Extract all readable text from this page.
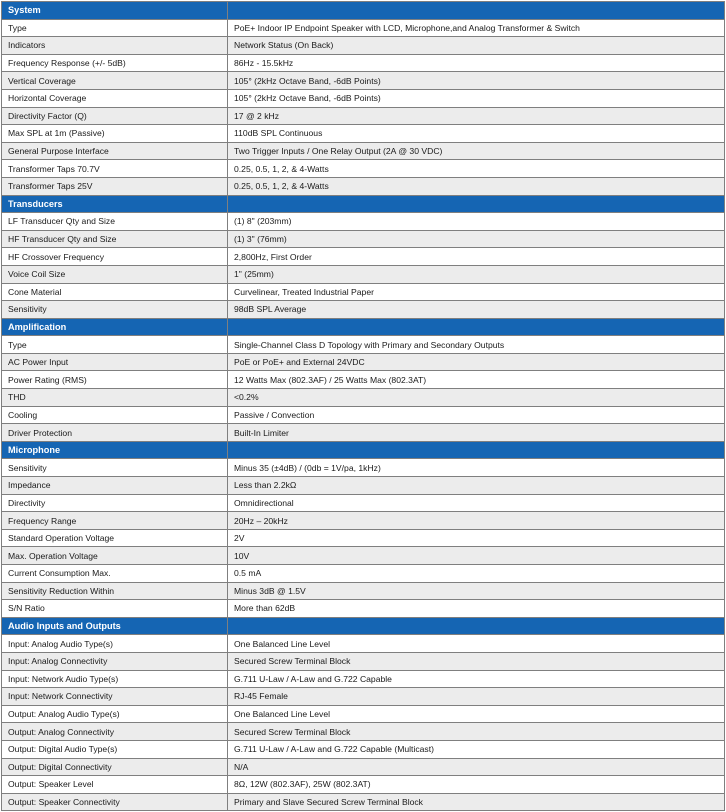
System	
Type	PoE+ Indoor IP Endpoint Speaker with LCD, Microphone,and Analog Transformer & Switch
Indicators	Network Status (On Back)
Frequency Response (+/- 5dB)	86Hz - 15.5kHz
Vertical Coverage	105° (2kHz Octave Band, -6dB Points)
Horizontal Coverage	105° (2kHz Octave Band, -6dB Points)
Directivity Factor (Q)	17 @ 2 kHz
Max SPL at 1m (Passive)	110dB SPL Continuous
General Purpose Interface	Two Trigger Inputs / One Relay Output (2A @ 30 VDC)
Transformer Taps 70.7V	0.25, 0.5, 1, 2, & 4-Watts
Transformer Taps 25V	0.25, 0.5, 1, 2, & 4-Watts
Transducers	
LF Transducer Qty and Size	(1) 8" (203mm)
HF Transducer Qty and Size	(1) 3" (76mm)
HF Crossover Frequency	2,800Hz, First Order
Voice Coil Size	1" (25mm)
Cone Material	Curvelinear, Treated Industrial Paper
Sensitivity	98dB SPL Average
Amplification	
Type	Single-Channel Class D Topology with Primary and Secondary Outputs
AC Power Input	PoE or PoE+ and External 24VDC
Power Rating (RMS)	12 Watts Max (802.3AF) / 25 Watts Max (802.3AT)
THD	<0.2%
Cooling	Passive / Convection
Driver Protection	Built-In Limiter
Microphone	
Sensitivity	Minus 35 (±4dB) / (0db = 1V/pa, 1kHz)
Impedance	Less than 2.2kΩ
Directivity	Omnidirectional
Frequency Range	20Hz – 20kHz
Standard Operation Voltage	2V
Max. Operation Voltage	10V
Current Consumption Max.	0.5 mA
Sensitivity Reduction Within	Minus 3dB @ 1.5V
S/N Ratio	More than 62dB
Audio Inputs and Outputs	
Input: Analog Audio Type(s)	One Balanced Line Level
Input: Analog Connectivity	Secured Screw Terminal Block
Input: Network Audio Type(s)	G.711 U-Law / A-Law and G.722 Capable
Input: Network Connectivity	RJ-45 Female
Output: Analog Audio Type(s)	One Balanced Line Level
Output: Analog Connectivity	Secured Screw Terminal Block
Output: Digital Audio Type(s)	G.711 U-Law / A-Law and G.722 Capable (Multicast)
Output: Digital Connectivity	N/A
Output: Speaker Level	8Ω, 12W (802.3AF), 25W (802.3AT)
Output: Speaker Connectivity	Primary and Slave Secured Screw Terminal Block
